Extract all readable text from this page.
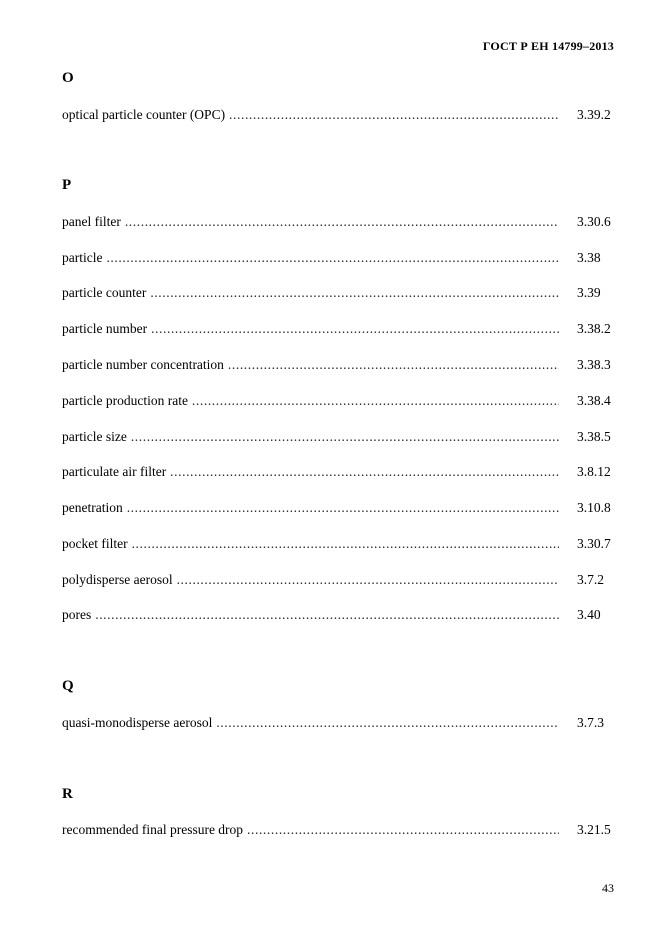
ГОСТ Р ЕН 14799–2013
O
optical particle counter (OPC) .....	3.39.2
P
panel filter .....	3.30.6
particle .....	3.38
particle counter .....	3.39
particle number .....	3.38.2
particle number concentration .....	3.38.3
particle production rate .....	3.38.4
particle size .....	3.38.5
particulate air filter .....	3.8.12
penetration .....	3.10.8
pocket filter .....	3.30.7
polydisperse aerosol .....	3.7.2
pores .....	3.40
Q
quasi-monodisperse aerosol .....	3.7.3
R
recommended final pressure drop .....	3.21.5
43
